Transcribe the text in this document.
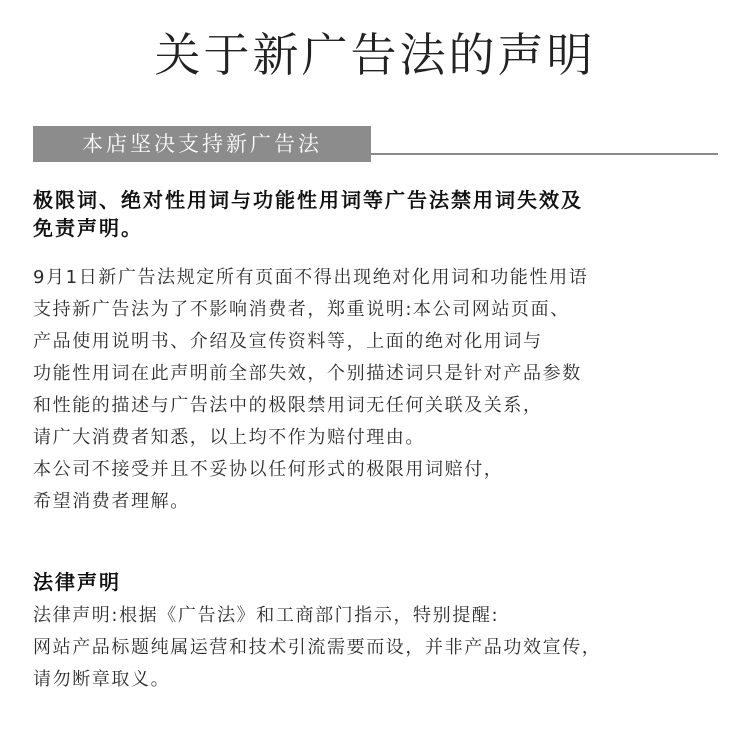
关于新广告法的声明
本店坚决支持新广告法
极限词、绝对性用词与功能性用词等广告法禁用词失效及
免责声明。
9月1日新广告法规定所有页面不得出现绝对化用词和功能性用语
支持新广告法为了不影响消费者，郑重说明:本公司网站页面、
产品使用说明书、介绍及宣传资料等，上面的绝对化用词与
功能性用词在此声明前全部失效，个别描述词只是针对产品参数
和性能的描述与广告法中的极限禁用词无任何关联及关系，
请广大消费者知悉，以上均不作为赔付理由。
本公司不接受并且不妥协以任何形式的极限用词赔付，
希望消费者理解。
法律声明
法律声明:根据《广告法》和工商部门指示，特别提醒:
网站产品标题纯属运营和技术引流需要而设，并非产品功效宣传，
请勿断章取义。
